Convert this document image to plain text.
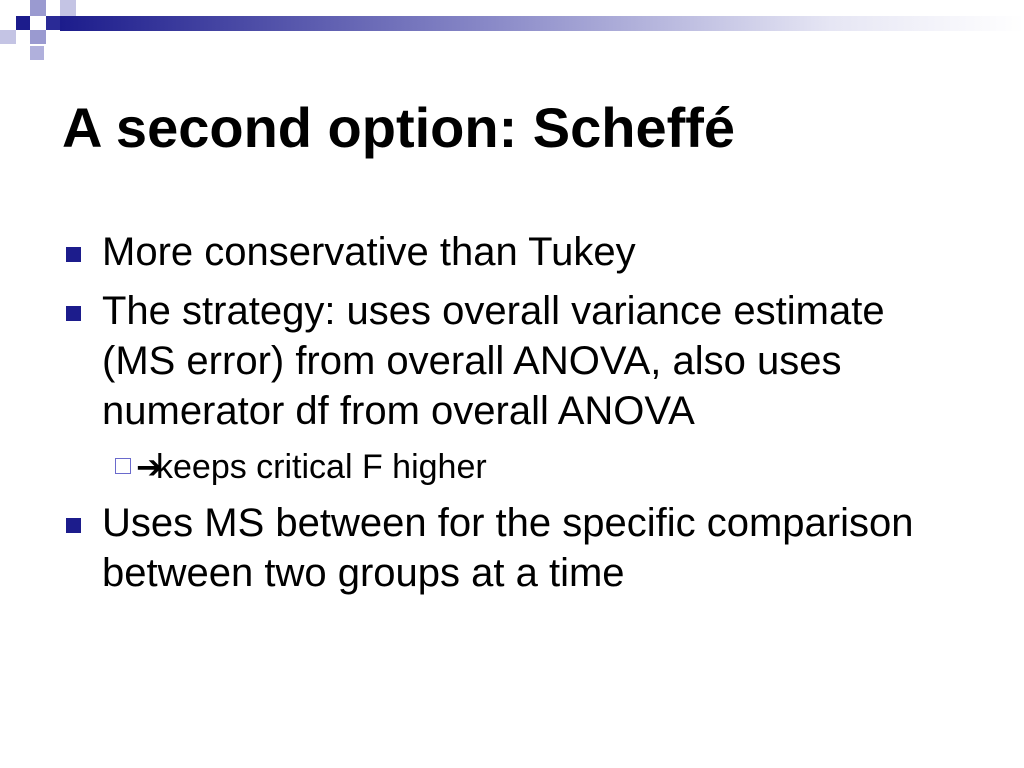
A second option: Scheffé
More conservative than Tukey
The strategy: uses overall variance estimate (MS error) from overall ANOVA, also uses numerator df from overall ANOVA
➔
keeps critical F higher
Uses MS between for the specific comparison between two groups at a time
